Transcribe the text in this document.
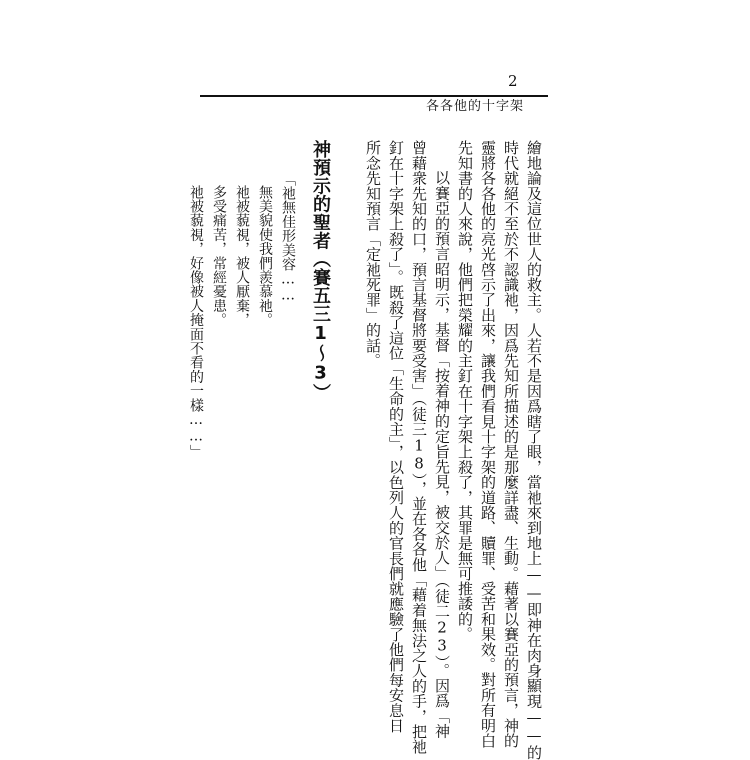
2
各各他的十字架
繪地論及這位世人的救主。人若不是因爲瞎了眼，當祂來到地上——即神在肉身顯現——的
時代就絕不至於不認識祂，因爲先知所描述的是那麼詳盡、生動。藉著以賽亞的預言，神的
靈將各各他的亮光啓示了出來，讓我們看見十字架的道路、贖罪、受苦和果效。對所有明白
先知書的人來說，他們把榮耀的主釘在十字架上殺了，其罪是無可推諉的。
以賽亞的預言昭明示，基督「按着神的定旨先見，被交於人」（徒二23）。因爲「神
曾藉衆先知的口，預言基督將要受害」（徒三18），並在各各他「藉着無法之人的手，把祂
釘在十字架上殺了」。既殺了這位「生命的主」，以色列人的官長們就應驗了他們每安息日
所念先知預言「定祂死罪」的話。
神預示的聖者（賽五三1～3）
「祂無佳形美容……
無美貌使我們羨慕祂。
祂被藐視，被人厭棄，
多受痛苦，常經憂患。
祂被藐視，好像被人掩面不看的一樣……」
